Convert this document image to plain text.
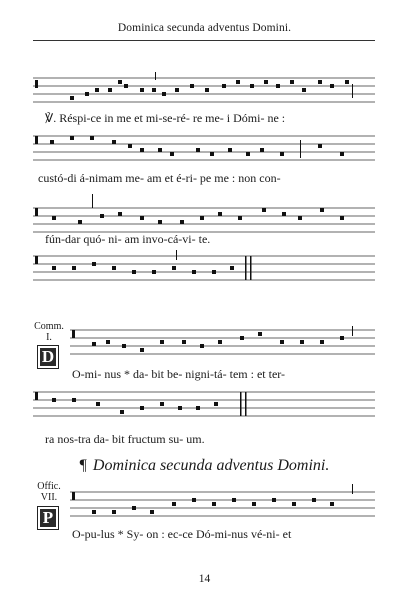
Dominica secunda adventus Domini.
℣. Réspi-ce in me et mi-se-ré- re me- i Dómi- ne :
custó-di á-nimam me- am et é-ri- pe me : non con-
fún-dar quó- ni- am invo-cá-vi- te.
Comm.
I.
D
O-mi- nus * da- bit be- nigni-tá- tem : et ter-
ra nos-tra da- bit fructum su- um.
¶ Dominica secunda adventus Domini.
Offic.
VII.
P
O-pu-lus * Sy- on : ec-ce Dó-mi-nus vé-ni- et
14
